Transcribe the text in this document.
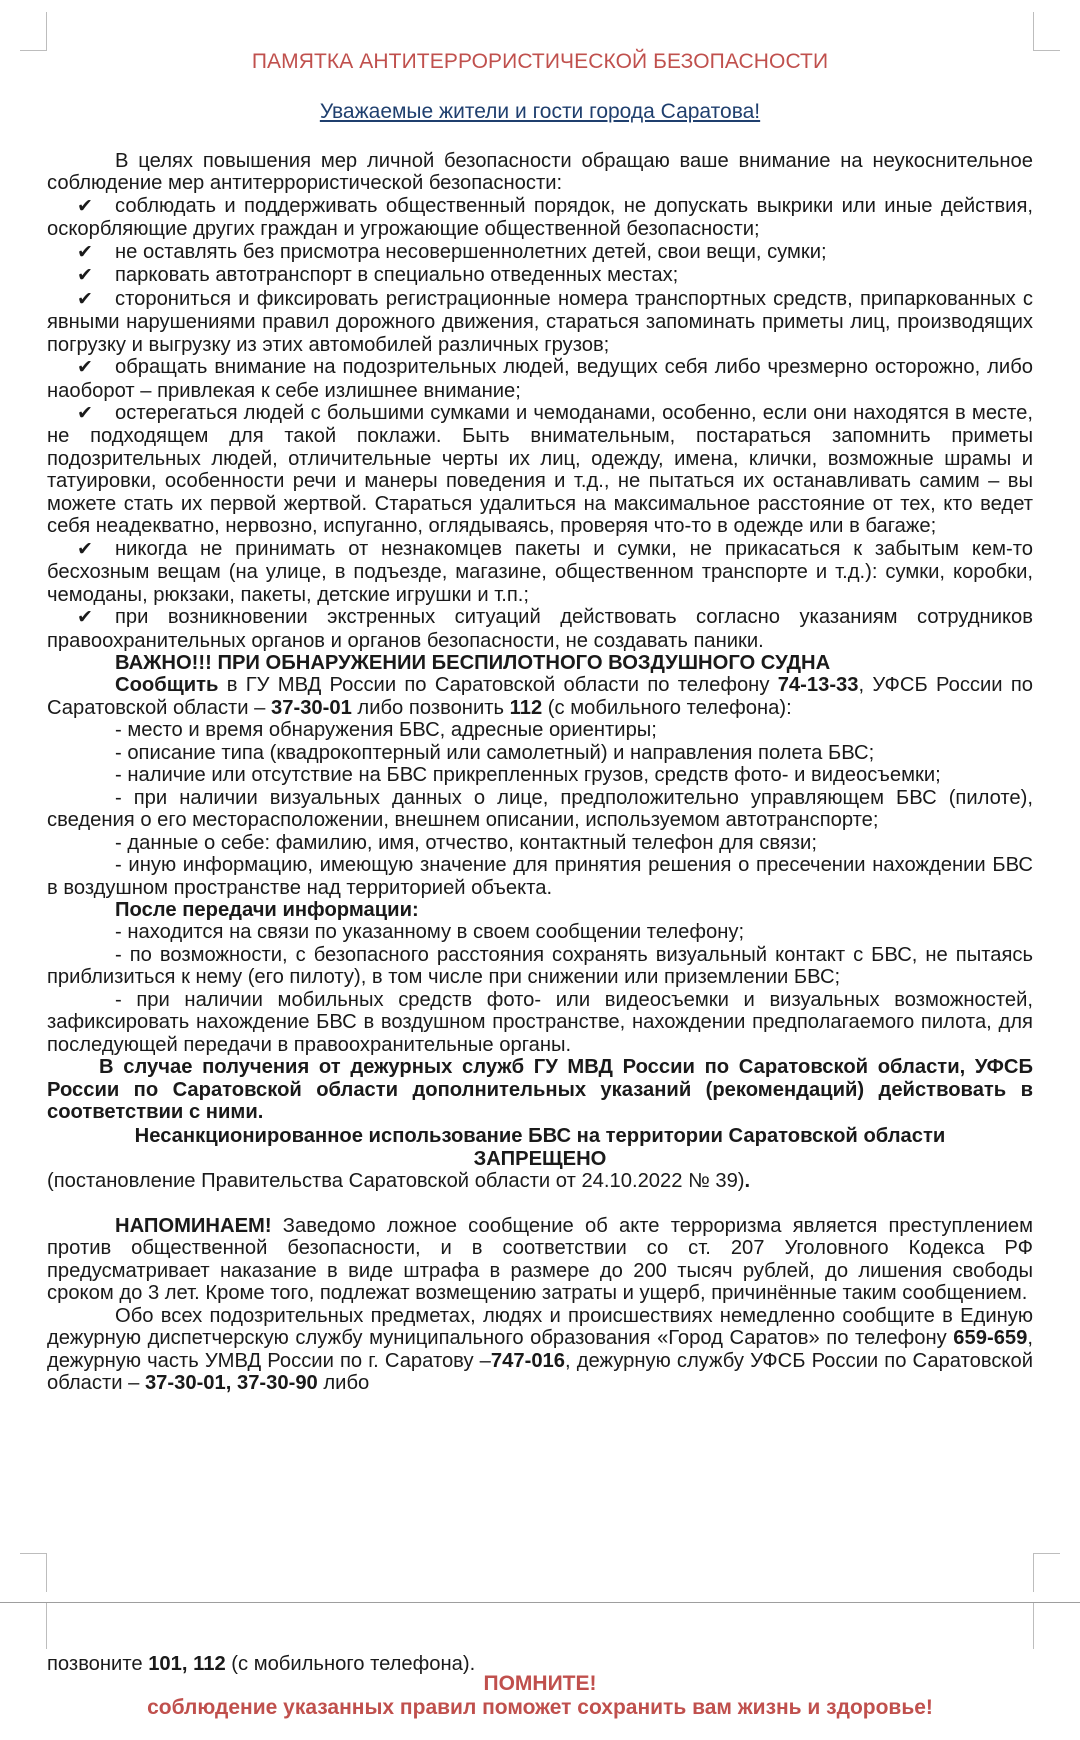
ПАМЯТКА АНТИТЕРРОРИСТИЧЕСКОЙ БЕЗОПАСНОСТИ
Уважаемые жители и гости города Саратова!

В целях повышения мер личной безопасности обращаю ваше внимание на неукоснительное соблюдение мер антитеррористической безопасности:

✔ соблюдать и поддерживать общественный порядок, не допускать выкрики или иные действия, оскорбляющие других граждан и угрожающие общественной безопасности;

✔ не оставлять без присмотра несовершеннолетних детей, свои вещи, сумки;

✔ парковать автотранспорт в специально отведенных местах;

✔ сторониться и фиксировать регистрационные номера транспортных средств, припаркованных с явными нарушениями правил дорожного движения, стараться запоминать приметы лиц, производящих погрузку и выгрузку из этих автомобилей различных грузов;

✔ обращать внимание на подозрительных людей, ведущих себя либо чрезмерно осторожно, либо наоборот – привлекая к себе излишнее внимание;

✔ остерегаться людей с большими сумками и чемоданами, особенно, если они находятся в месте, не подходящем для такой поклажи. Быть внимательным, постараться запомнить приметы подозрительных людей, отличительные черты их лиц, одежду, имена, клички, возможные шрамы и татуировки, особенности речи и манеры поведения и т.д., не пытаться их останавливать самим – вы можете стать их первой жертвой. Стараться удалиться на максимальное расстояние от тех, кто ведет себя неадекватно, нервозно, испуганно, оглядываясь, проверяя что-то в одежде или в багаже;

✔ никогда не принимать от незнакомцев пакеты и сумки, не прикасаться к забытым кем-то бесхозным вещам (на улице, в подъезде, магазине, общественном транспорте и т.д.): сумки, коробки, чемоданы, рюкзаки, пакеты, детские игрушки и т.п.;

✔ при возникновении экстренных ситуаций действовать согласно указаниям сотрудников правоохранительных органов и органов безопасности, не создавать паники.

ВАЖНО!!! ПРИ ОБНАРУЖЕНИИ БЕСПИЛОТНОГО ВОЗДУШНОГО СУДНА

Сообщить в ГУ МВД России по Саратовской области по телефону 74-13-33, УФСБ России по Саратовской области – 37-30-01 либо позвонить 112 (с мобильного телефона):

- место и время обнаружения БВС, адресные ориентиры;

- описание типа (квадрокоптерный или самолетный) и направления полета БВС;

- наличие или отсутствие на БВС прикрепленных грузов, средств фото- и видеосъемки;

- при наличии визуальных данных о лице, предположительно управляющем БВС (пилоте), сведения о его месторасположении, внешнем описании, используемом автотранспорте;

- данные о себе: фамилию, имя, отчество, контактный телефон для связи;

- иную информацию, имеющую значение для принятия решения о пресечении нахождении БВС в воздушном пространстве над территорией объекта.

После передачи информации:

- находится на связи по указанному в своем сообщении телефону;

- по возможности, с безопасного расстояния сохранять визуальный контакт с БВС, не пытаясь приблизиться к нему (его пилоту), в том числе при снижении или приземлении БВС;

- при наличии мобильных средств фото- или видеосъемки и визуальных возможностей, зафиксировать нахождение БВС в воздушном пространстве, нахождении предполагаемого пилота, для последующей передачи в правоохранительные органы.

В случае получения от дежурных служб ГУ МВД России по Саратовской области, УФСБ России по Саратовской области дополнительных указаний (рекомендаций) действовать в соответствии с ними.

Несанкционированное использование БВС на территории Саратовской области

ЗАПРЕЩЕНО

(постановление Правительства Саратовской области от 24.10.2022 № 39).

НАПОМИНАЕМ! Заведомо ложное сообщение об акте терроризма является преступлением против общественной безопасности, и в соответствии со ст. 207 Уголовного Кодекса РФ предусматривает наказание в виде штрафа в размере до 200 тысяч рублей, до лишения свободы сроком до 3 лет. Кроме того, подлежат возмещению затраты и ущерб, причинённые таким сообщением.

Обо всех подозрительных предметах, людях и происшествиях немедленно сообщите в Единую дежурную диспетчерскую службу муниципального образования «Город Саратов» по телефону 659-659, дежурную часть УМВД России по г. Саратову –747-016, дежурную службу УФСБ России по Саратовской области – 37-30-01, 37-30-90 либо

позвоните 101, 112 (с мобильного телефона).
ПОМНИТЕ!
соблюдение указанных правил поможет сохранить вам жизнь и здоровье!
